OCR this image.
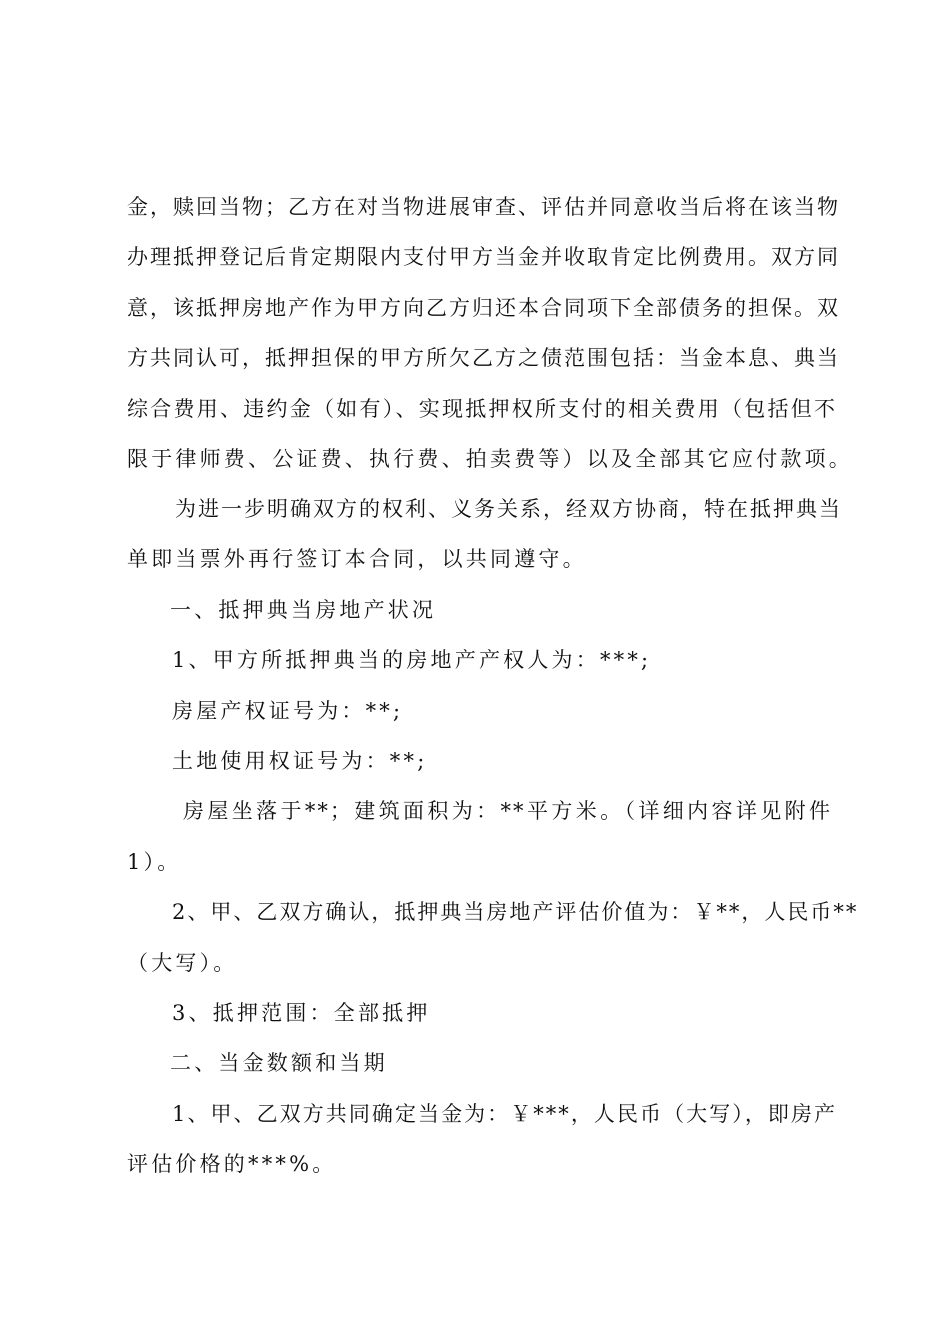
金，赎回当物；乙方在对当物进展审查、评估并同意收当后将在该当物
办理抵押登记后肯定期限内支付甲方当金并收取肯定比例费用。双方同
意，该抵押房地产作为甲方向乙方归还本合同项下全部债务的担保。双
方共同认可，抵押担保的甲方所欠乙方之债范围包括：当金本息、典当
综合费用、违约金（如有）、实现抵押权所支付的相关费用（包括但不
限于律师费、公证费、执行费、拍卖费等）以及全部其它应付款项。
为进一步明确双方的权利、义务关系，经双方协商，特在抵押典当
单即当票外再行签订本合同，以共同遵守。
一、抵押典当房地产状况
1、甲方所抵押典当的房地产产权人为：***;
房屋产权证号为：**;
土地使用权证号为：**;
房屋坐落于**；建筑面积为：**平方米。（详细内容详见附件
1）。
2、甲、乙双方确认，抵押典当房地产评估价值为：￥**，人民币**
（大写）。
3、抵押范围：全部抵押
二、当金数额和当期
1、甲、乙双方共同确定当金为：￥***，人民币（大写），即房产
评估价格的***%。
